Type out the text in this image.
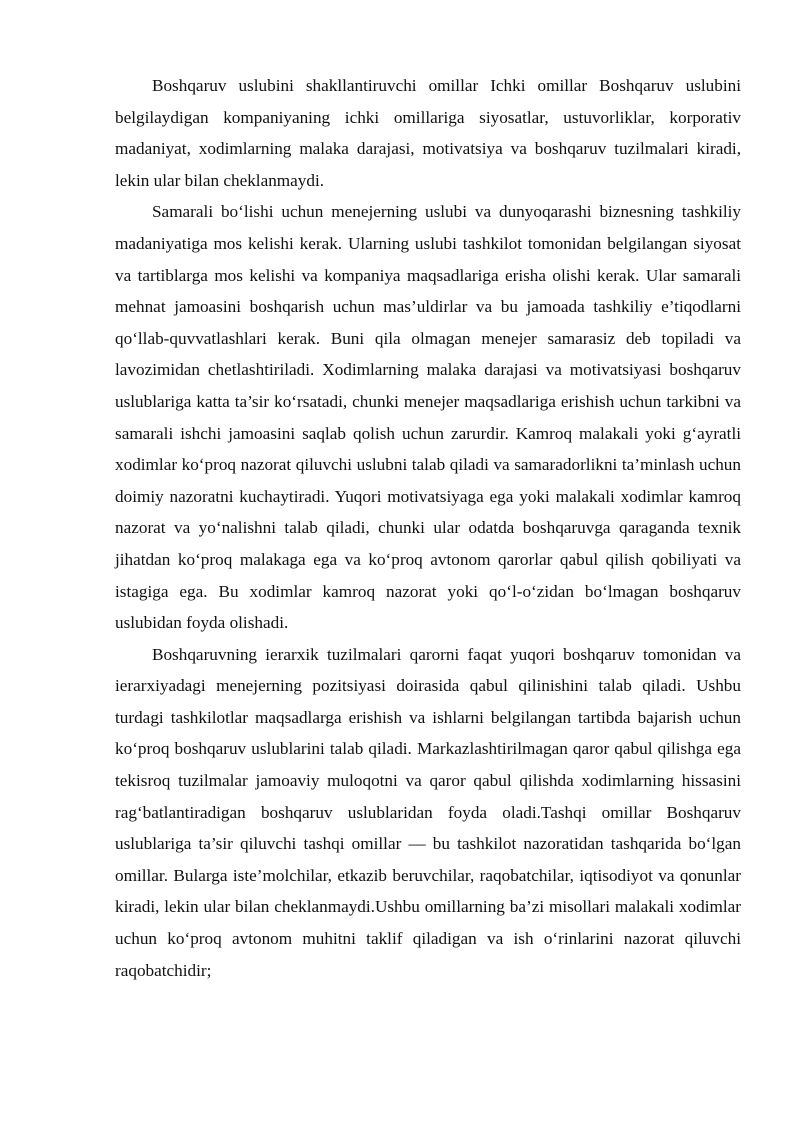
Boshqaruv uslubini shakllantiruvchi omillar Ichki omillar Boshqaruv uslubini belgilaydigan kompaniyaning ichki omillariga siyosatlar, ustuvorliklar, korporativ madaniyat, xodimlarning malaka darajasi, motivatsiya va boshqaruv tuzilmalari kiradi, lekin ular bilan cheklanmaydi.

Samarali bo‘lishi uchun menejerning uslubi va dunyoqarashi biznesning tashkiliy madaniyatiga mos kelishi kerak. Ularning uslubi tashkilot tomonidan belgilangan siyosat va tartiblarga mos kelishi va kompaniya maqsadlariga erisha olishi kerak. Ular samarali mehnat jamoasini boshqarish uchun mas’uldirlar va bu jamoada tashkiliy e’tiqodlarni qo‘llab-quvvatlashlari kerak. Buni qila olmagan menejer samarasiz deb topiladi va lavozimidan chetlashtiriladi. Xodimlarning malaka darajasi va motivatsiyasi boshqaruv uslublariga katta ta’sir ko‘rsatadi, chunki menejer maqsadlariga erishish uchun tarkibni va samarali ishchi jamoasini saqlab qolish uchun zarurdir. Kamroq malakali yoki g‘ayratli xodimlar ko‘proq nazorat qiluvchi uslubni talab qiladi va samaradorlikni ta’minlash uchun doimiy nazoratni kuchaytiradi. Yuqori motivatsiyaga ega yoki malakali xodimlar kamroq nazorat va yo‘nalishni talab qiladi, chunki ular odatda boshqaruvga qaraganda texnik jihatdan ko‘proq malakaga ega va ko‘proq avtonom qarorlar qabul qilish qobiliyati va istagiga ega. Bu xodimlar kamroq nazorat yoki qo‘l-o‘zidan bo‘lmagan boshqaruv uslubidan foyda olishadi.

Boshqaruvning ierarxik tuzilmalari qarorni faqat yuqori boshqaruv tomonidan va ierarxiyadagi menejerning pozitsiyasi doirasida qabul qilinishini talab qiladi. Ushbu turdagi tashkilotlar maqsadlarga erishish va ishlarni belgilangan tartibda bajarish uchun ko‘proq boshqaruv uslublarini talab qiladi. Markazlashtirilmagan qaror qabul qilishga ega tekisroq tuzilmalar jamoaviy muloqotni va qaror qabul qilishda xodimlarning hissasini rag‘batlantiradigan boshqaruv uslublaridan foyda oladi.Tashqi omillar Boshqaruv uslublariga ta’sir qiluvchi tashqi omillar — bu tashkilot nazoratidan tashqarida bo‘lgan omillar. Bularga iste’molchilar, etkazib beruvchilar, raqobatchilar, iqtisodiyot va qonunlar kiradi, lekin ular bilan cheklanmaydi.Ushbu omillarning ba’zi misollari malakali xodimlar uchun ko‘proq avtonom muhitni taklif qiladigan va ish o‘rinlarini nazorat qiluvchi raqobatchidir;
